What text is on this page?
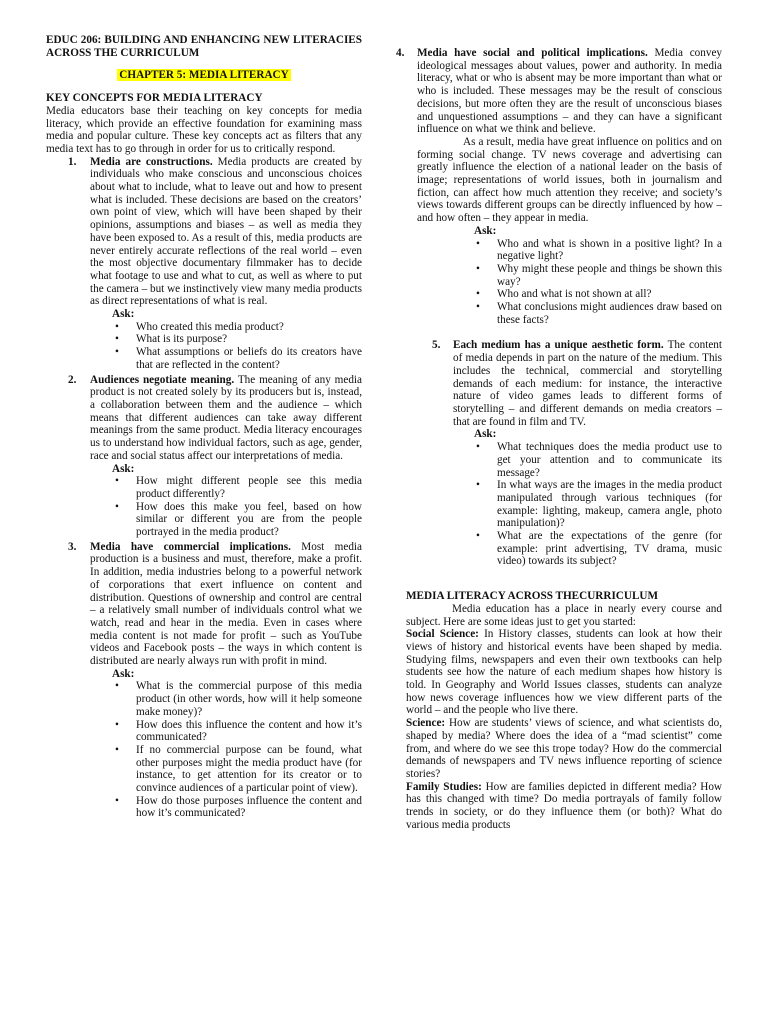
EDUC 206: BUILDING AND ENHANCING NEW LITERACIES ACROSS THE CURRICULUM

CHAPTER 5: MEDIA LITERACY
KEY CONCEPTS FOR MEDIA LITERACY

Media educators base their teaching on key concepts for media literacy, which provide an effective foundation for examining mass media and popular culture. These key concepts act as filters that any media text has to go through in order for us to critically respond.

1. Media are constructions. Media products are created by individuals who make conscious and unconscious choices about what to include, what to leave out and how to present what is included. These decisions are based on the creators’ own point of view, which will have been shaped by their opinions, assumptions and biases – as well as media they have been exposed to. As a result of this, media products are never entirely accurate reflections of the real world – even the most objective documentary filmmaker has to decide what footage to use and what to cut, as well as where to put the camera – but we instinctively view many media products as direct representations of what is real.

Ask:
• Who created this media product?
• What is its purpose?
• What assumptions or beliefs do its creators have that are reflected in the content?
2. Audiences negotiate meaning. The meaning of any media product is not created solely by its producers but is, instead, a collaboration between them and the audience – which means that different audiences can take away different meanings from the same product. Media literacy encourages us to understand how individual factors, such as age, gender, race and social status affect our interpretations of media.

Ask:
• How might different people see this media product differently?
• How does this make you feel, based on how similar or different you are from the people portrayed in the media product?
3. Media have commercial implications. Most media production is a business and must, therefore, make a profit. In addition, media industries belong to a powerful network of corporations that exert influence on content and distribution. Questions of ownership and control are central – a relatively small number of individuals control what we watch, read and hear in the media. Even in cases where media content is not made for profit – such as YouTube videos and Facebook posts – the ways in which content is distributed are nearly always run with profit in mind.

Ask:
• What is the commercial purpose of this media product (in other words, how will it help someone make money)?
• How does this influence the content and how it’s communicated?
• If no commercial purpose can be found, what other purposes might the media product have (for instance, to get attention for its creator or to convince audiences of a particular point of view).
• How do those purposes influence the content and how it’s communicated?
4. Media have social and political implications. Media convey ideological messages about values, power and authority. In media literacy, what or who is absent may be more important than what or who is included. These messages may be the result of conscious decisions, but more often they are the result of unconscious biases and unquestioned assumptions – and they can have a significant influence on what we think and believe.

As a result, media have great influence on politics and on forming social change. TV news coverage and advertising can greatly influence the election of a national leader on the basis of image; representations of world issues, both in journalism and fiction, can affect how much attention they receive; and society’s views towards different groups can be directly influenced by how – and how often – they appear in media.

Ask:
• Who and what is shown in a positive light? In a negative light?
• Why might these people and things be shown this way?
• Who and what is not shown at all?
• What conclusions might audiences draw based on these facts?
5. Each medium has a unique aesthetic form. The content of media depends in part on the nature of the medium. This includes the technical, commercial and storytelling demands of each medium: for instance, the interactive nature of video games leads to different forms of storytelling – and different demands on media creators – that are found in film and TV.

Ask:
• What techniques does the media product use to get your attention and to communicate its message?
• In what ways are the images in the media product manipulated through various techniques (for example: lighting, makeup, camera angle, photo manipulation)?
• What are the expectations of the genre (for example: print advertising, TV drama, music video) towards its subject?
MEDIA LITERACY ACROSS THECURRICULUM

Media education has a place in nearly every course and subject. Here are some ideas just to get you started:

Social Science: In History classes, students can look at how their views of history and historical events have been shaped by media. Studying films, newspapers and even their own textbooks can help students see how the nature of each medium shapes how history is told. In Geography and World Issues classes, students can analyze how news coverage influences how we view different parts of the world – and the people who live there.

Science: How are students’ views of science, and what scientists do, shaped by media? Where does the idea of a “mad scientist” come from, and where do we see this trope today? How do the commercial demands of newspapers and TV news influence reporting of science stories?

Family Studies: How are families depicted in different media? How has this changed with time? Do media portrayals of family follow trends in society, or do they influence them (or both)? What do various media products
